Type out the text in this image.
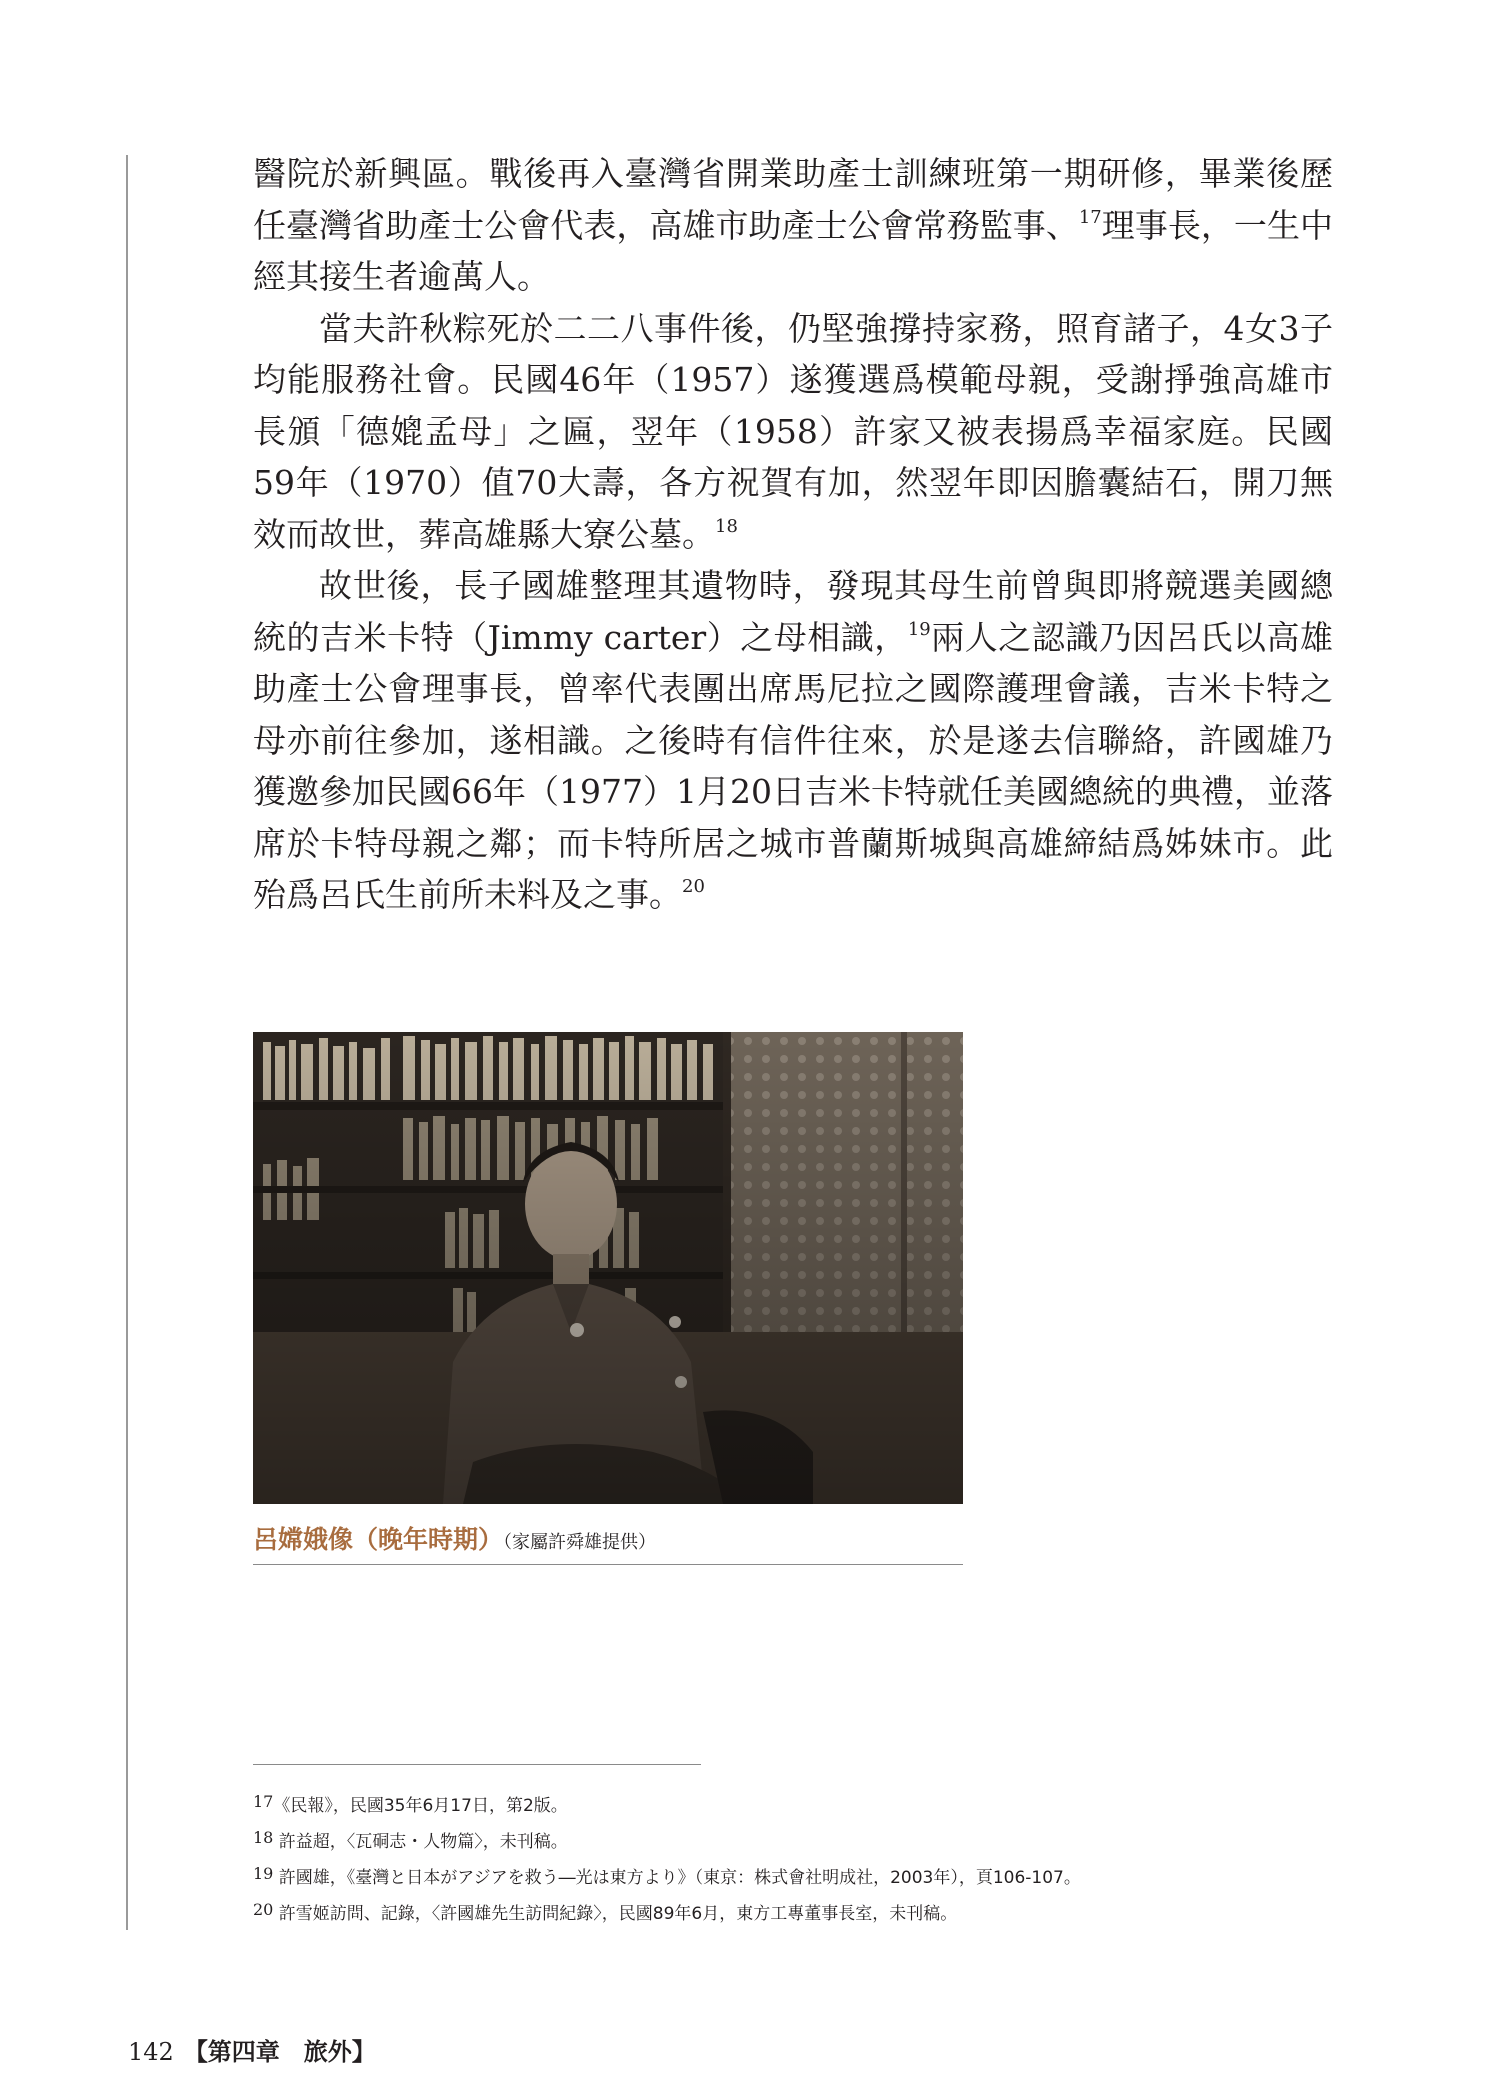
醫院於新興區。戰後再入臺灣省開業助產士訓練班第一期研修，畢業後歷任臺灣省助產士公會代表，高雄市助產士公會常務監事、$^{17}$理事長，一生中經其接生者逾萬人。

當夫許秋粽死於二二八事件後，仍堅強撐持家務，照育諸子，4女3子均能服務社會。民國46年（1957）遂獲選爲模範母親，受謝掙強高雄市長頒「德媲孟母」之匾，翌年（1958）許家又被表揚爲幸福家庭。民國59年（1970）值70大壽，各方祝賀有加，然翌年即因膽囊結石，開刀無效而故世，葬高雄縣大寮公墓。$^{18}$

故世後，長子國雄整理其遺物時，發現其母生前曾與即將競選美國總統的吉米卡特（Jimmy carter）之母相識，$^{19}$兩人之認識乃因呂氏以高雄助產士公會理事長，曾率代表團出席馬尼拉之國際護理會議，吉米卡特之母亦前往參加，遂相識。之後時有信件往來，於是遂去信聯絡，許國雄乃獲邀參加民國66年（1977）1月20日吉米卡特就任美國總統的典禮，並落席於卡特母親之鄰；而卡特所居之城市普蘭斯城與高雄締結爲姊妹市。此殆爲呂氏生前所未料及之事。$^{20}$

呂嫦娥像（晚年時期）（家屬許舜雄提供）
17《民報》，民國35年6月17日，第2版。
18 許益超，〈瓦硐志・人物篇〉，未刊稿。
19 許國雄，《臺灣と日本がアジアを救う―光は東方より》（東京：株式會社明成社，2003年），頁106-107。
20 許雪姬訪問、記錄，〈許國雄先生訪問紀錄〉，民國89年6月，東方工專董事長室，未刊稿。
142 【第四章　旅外】
